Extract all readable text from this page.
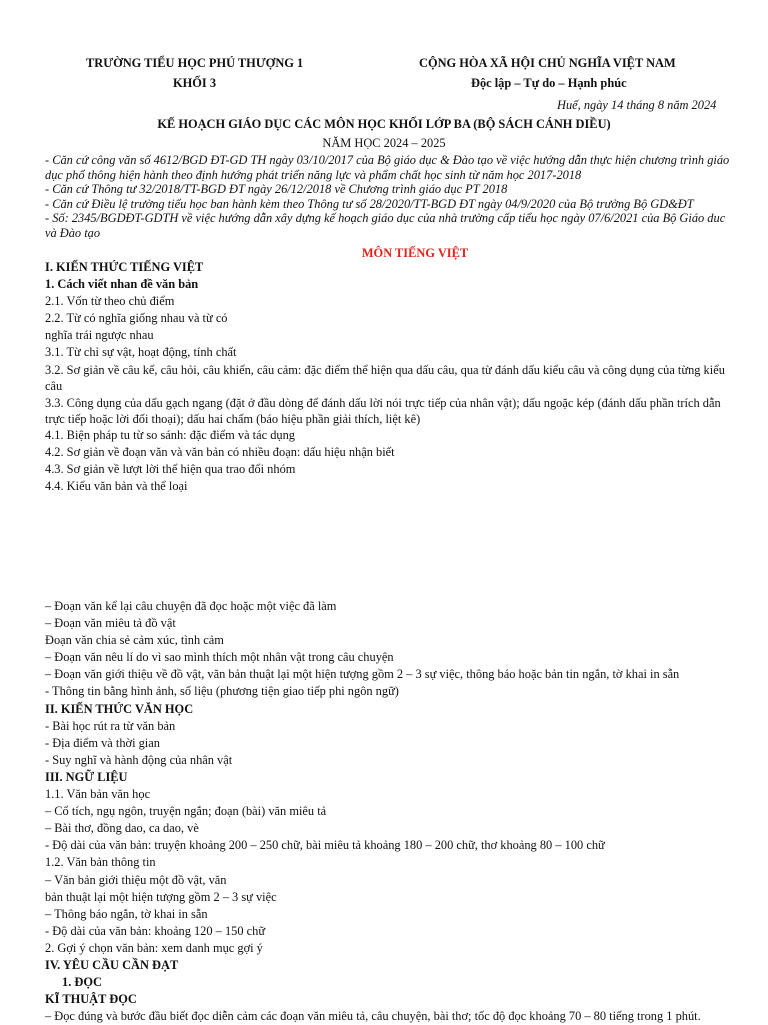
TRƯỜNG TIỂU HỌC PHÚ THƯỢNG 1
KHỐI 3
CỘNG HÒA XÃ HỘI CHỦ NGHĨA VIỆT NAM
Độc lập – Tự do – Hạnh phúc
Huế, ngày 14 tháng 8 năm 2024
KẾ HOẠCH GIÁO DỤC CÁC MÔN HỌC KHỐI LỚP BA (BỘ SÁCH CÁNH DIỀU)
NĂM HỌC 2024 – 2025
- Căn cứ công văn số 4612/BGD ĐT-GD TH ngày 03/10/2017 của Bộ giáo dục & Đào tạo về việc hướng dẫn thực hiện chương trình giáo dục phổ thông hiện hành theo định hướng phát triển năng lực và phẩm chất học sinh từ năm học 2017-2018
- Căn cứ Thông tư 32/2018/TT-BGD ĐT ngày 26/12/2018 về Chương trình giáo dục PT 2018
- Căn cứ Điều lệ trường tiểu học ban hành kèm theo Thông tư số 28/2020/TT-BGD ĐT ngày 04/9/2020 của Bộ trưởng Bộ GD&ĐT
- Số: 2345/BGDĐT-GDTH về việc hướng dẫn xây dựng kế hoạch giáo dục của nhà trường cấp tiểu học ngày 07/6/2021 của Bộ Giáo duc và Đào tạo
MÔN TIẾNG VIỆT
I. KIẾN THỨC TIẾNG VIỆT
1. Cách viết nhan đề văn bản
2.1. Vốn từ theo chủ điểm
2.2. Từ có nghĩa giống nhau và từ có
nghĩa trái ngược nhau
3.1. Từ chỉ sự vật, hoạt động, tính chất
3.2. Sơ giản về câu kể, câu hỏi, câu khiến, câu cảm: đặc điểm thể hiện qua dấu câu, qua từ đánh dấu kiểu câu và công dụng của từng kiểu câu
3.3. Công dụng của dấu gạch ngang (đặt ở đầu dòng để đánh dấu lời nói trực tiếp của nhân vật); dấu ngoặc kép (đánh dấu phần trích dẫn trực tiếp hoặc lời đối thoại); dấu hai chấm (báo hiệu phần giải thích, liệt kê)
4.1. Biện pháp tu từ so sánh: đặc điểm và tác dụng
4.2. Sơ giản về đoạn văn và văn bản có nhiều đoạn: dấu hiệu nhận biết
4.3. Sơ giản về lượt lời thể hiện qua trao đổi nhóm
4.4. Kiểu văn bản và thể loại
– Đoạn văn kể lại câu chuyện đã đọc hoặc một việc đã làm
– Đoạn văn miêu tả đồ vật
Đoạn văn chia sẻ cảm xúc, tình cảm
– Đoạn văn nêu lí do vì sao mình thích một nhân vật trong câu chuyện
– Đoạn văn giới thiệu về đồ vật, văn bản thuật lại một hiện tượng gồm 2 – 3 sự việc, thông báo hoặc bản tin ngắn, tờ khai in sẵn
- Thông tin bằng hình ảnh, số liệu (phương tiện giao tiếp phi ngôn ngữ)
II. KIẾN THỨC VĂN HỌC
- Bài học rút ra từ văn bản
- Địa điểm và thời gian
- Suy nghĩ và hành động của nhân vật
III. NGỮ LIỆU
1.1. Văn bản văn học
– Cổ tích, ngụ ngôn, truyện ngắn; đoạn (bài) văn miêu tả
– Bài thơ, đồng dao, ca dao, vè
- Độ dài của văn bản: truyện khoảng 200 – 250 chữ, bài miêu tả khoảng 180 – 200 chữ, thơ khoảng 80 – 100 chữ
1.2. Văn bản thông tin
– Văn bản giới thiệu một đồ vật, văn
bản thuật lại một hiện tượng gồm 2 – 3 sự việc
– Thông báo ngắn, tờ khai in sẵn
- Độ dài của văn bản: khoảng 120 – 150 chữ
2. Gợi ý chọn văn bản: xem danh mục gợi ý
IV. YÊU CẦU CẦN ĐẠT
1. ĐỌC
KĨ THUẬT ĐỌC
– Đọc đúng và bước đầu biết đọc diễn cảm các đoạn văn miêu tả, câu chuyện, bài thơ; tốc độ đọc khoảng 70 – 80 tiếng trong 1 phút.
